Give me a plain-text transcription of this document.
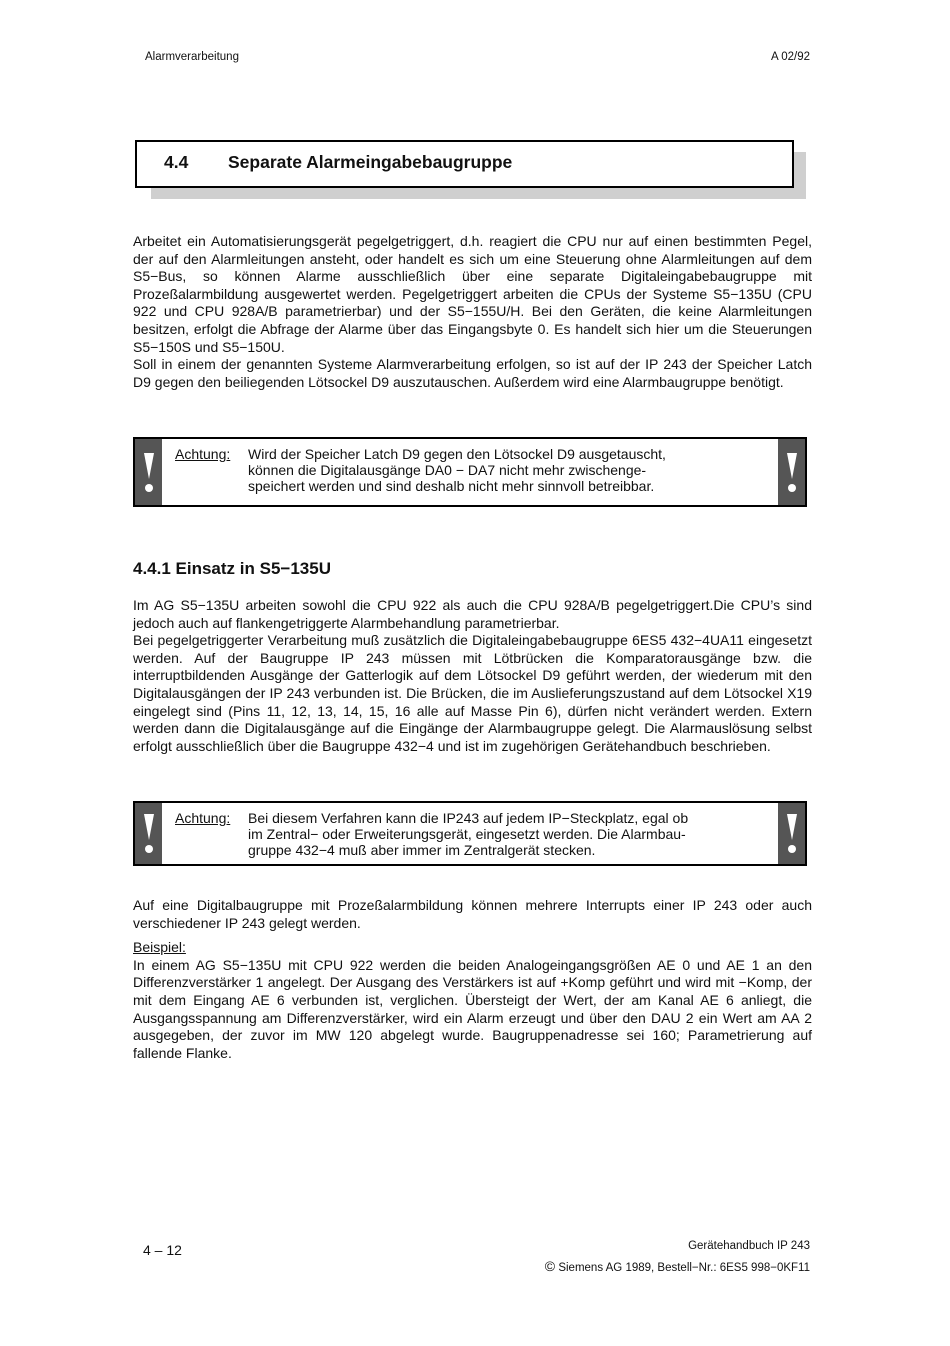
Alarmverarbeitung	A 02/92
4.4 Separate Alarmeingabebaugruppe

Arbeitet ein Automatisierungsgerät pegelgetriggert, d.h. reagiert die CPU nur auf einen bestimmten Pegel, der auf den Alarmleitungen ansteht, oder handelt es sich um eine Steuerung ohne Alarmleitungen auf dem S5−Bus, so können Alarme ausschließlich über eine separate Digitaleingabebaugruppe mit Prozeßalarmbildung ausgewertet werden. Pegelgetriggert arbeiten die CPUs der Systeme S5−135U (CPU 922 und CPU 928A/B parametrierbar) und der S5−155U/H. Bei den Geräten, die keine Alarmleitungen besitzen, erfolgt die Abfrage der Alarme über das Eingangsbyte 0. Es handelt sich hier um die Steuerungen S5−150S und S5−150U.

Soll in einem der genannten Systeme Alarmverarbeitung erfolgen, so ist auf der IP 243 der Speicher Latch D9 gegen den beiliegenden Lötsockel D9 auszutauschen. Außerdem wird eine Alarmbaugruppe benötigt.

Achtung: Wird der Speicher Latch D9 gegen den Lötsockel D9 ausgetauscht,
können die Digitalausgänge DA0 − DA7 nicht mehr zwischenge-
speichert werden und sind deshalb nicht mehr sinnvoll betreibbar.
4.4.1 Einsatz in S5−135U

Im AG S5−135U arbeiten sowohl die CPU 922 als auch die CPU 928A/B pegelgetriggert.Die CPU’s sind jedoch auch auf flankengetriggerte Alarmbehandlung parametrierbar.

Bei pegelgetriggerter Verarbeitung muß zusätzlich die Digitaleingabebaugruppe 6ES5 432−4UA11 eingesetzt werden. Auf der Baugruppe IP 243 müssen mit Lötbrücken die Komparatorausgänge bzw. die interruptbildenden Ausgänge der Gatterlogik auf dem Lötsockel D9 geführt werden, der wiederum mit den Digitalausgängen der IP 243 verbunden ist. Die Brücken, die im Auslieferungszustand auf dem Lötsockel X19 eingelegt sind (Pins 11, 12, 13, 14, 15, 16 alle auf Masse Pin 6), dürfen nicht verändert werden. Extern werden dann die Digitalausgänge auf die Eingänge der Alarmbaugruppe gelegt. Die Alarmauslösung selbst erfolgt ausschließlich über die Baugruppe 432−4 und ist im zugehörigen Gerätehandbuch beschrieben.

Achtung: Bei diesem Verfahren kann die IP243 auf jedem IP−Steckplatz, egal ob
im Zentral− oder Erweiterungsgerät, eingesetzt werden. Die Alarmbau-
gruppe 432−4 muß aber immer im Zentralgerät stecken.

Auf eine Digitalbaugruppe mit Prozeßalarmbildung können mehrere Interrupts einer IP 243 oder auch verschiedener IP 243 gelegt werden.

Beispiel:

In einem AG S5−135U mit CPU 922 werden die beiden Analogeingangsgrößen AE 0 und AE 1 an den Differenzverstärker 1 angelegt. Der Ausgang des Verstärkers ist auf +Komp geführt und wird mit −Komp, der mit dem Eingang AE 6 verbunden ist, verglichen. Übersteigt der Wert, der am Kanal AE 6 anliegt, die Ausgangsspannung am Differenzverstärker, wird ein Alarm erzeugt und über den DAU 2 ein Wert am AA 2 ausgegeben, der zuvor im MW 120 abgelegt wurde. Baugruppenadresse sei 160; Parametrierung auf fallende Flanke.

4 – 12	Gerätehandbuch IP 243
© Siemens AG 1989, Bestell−Nr.: 6ES5 998−0KF11
